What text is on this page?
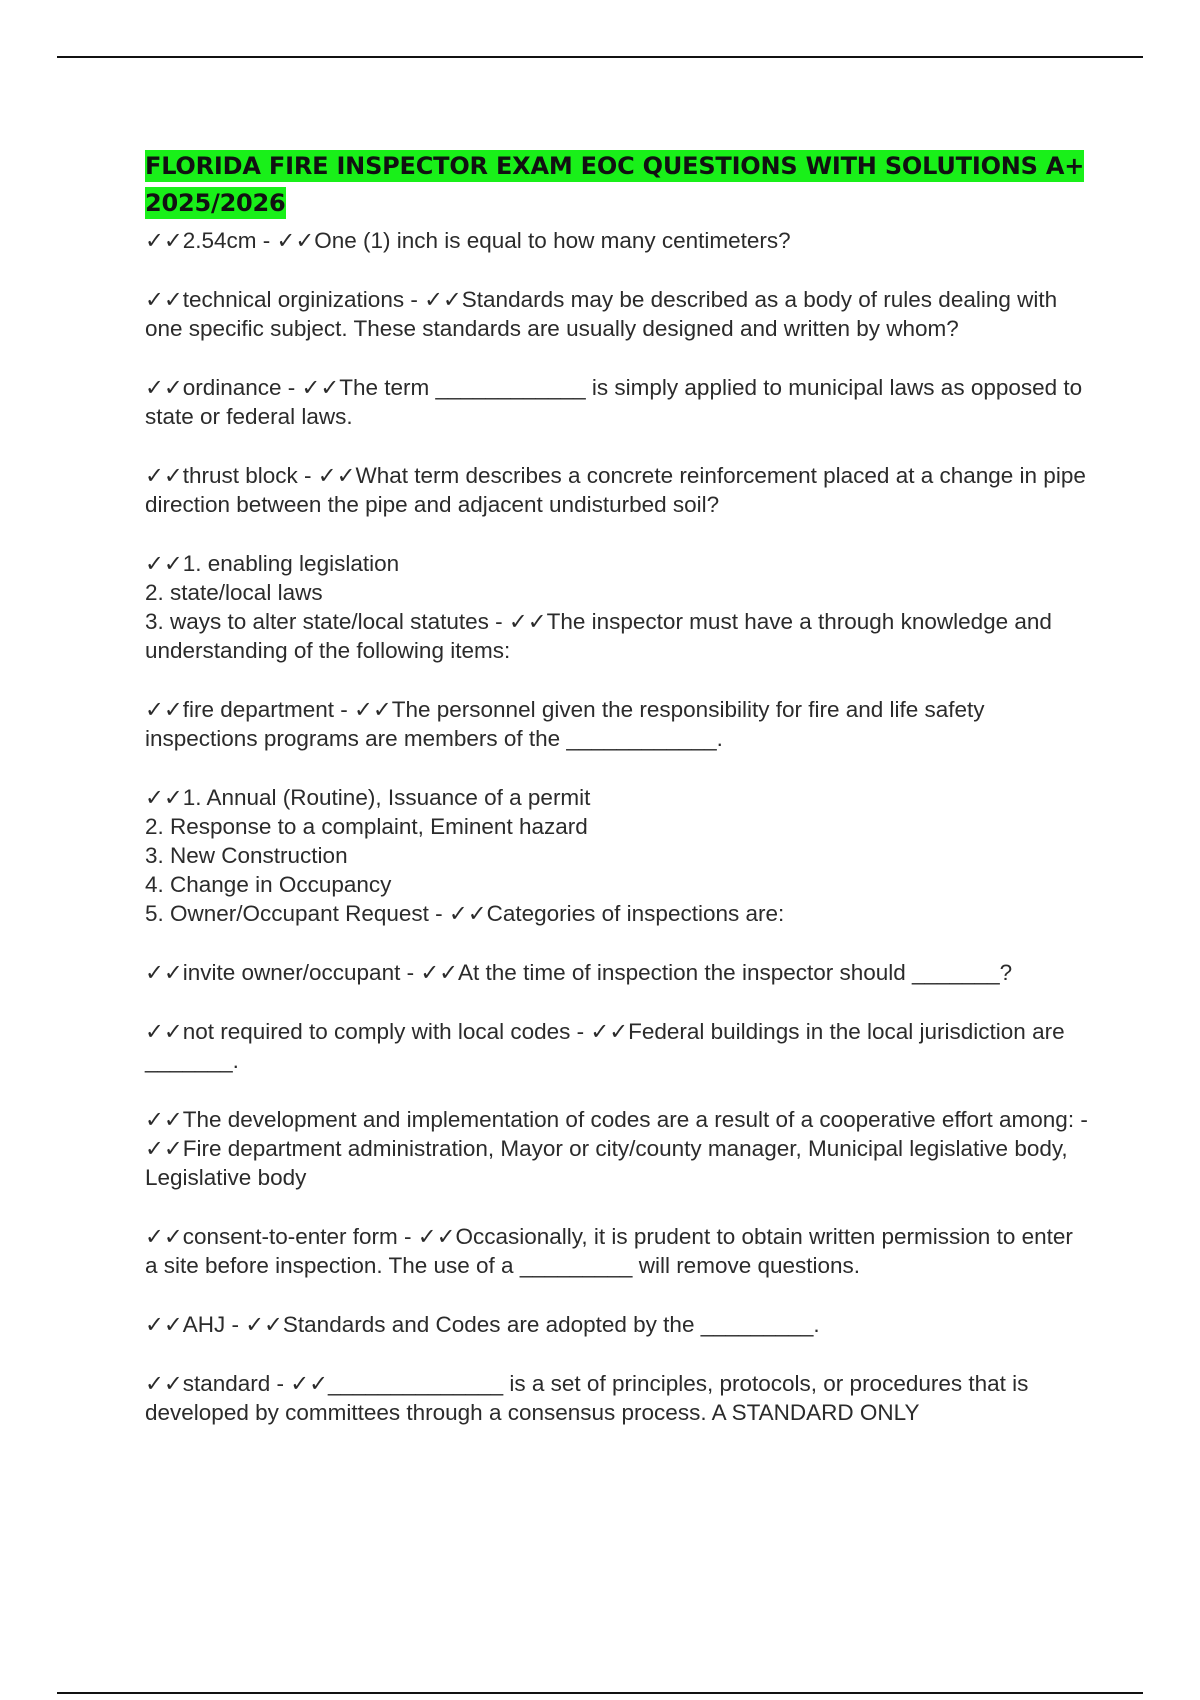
FLORIDA FIRE INSPECTOR EXAM EOC QUESTIONS WITH SOLUTIONS A+ 2025/2026

✓✓2.54cm - ✓✓One (1) inch is equal to how many centimeters?

✓✓technical orginizations - ✓✓Standards may be described as a body of rules dealing with one specific subject. These standards are usually designed and written by whom?

✓✓ordinance - ✓✓The term ____________ is simply applied to municipal laws as opposed to state or federal laws.

✓✓thrust block - ✓✓What term describes a concrete reinforcement placed at a change in pipe direction between the pipe and adjacent undisturbed soil?

✓✓1. enabling legislation
2. state/local laws
3. ways to alter state/local statutes - ✓✓The inspector must have a through knowledge and understanding of the following items:

✓✓fire department - ✓✓The personnel given the responsibility for fire and life safety inspections programs are members of the ____________.

✓✓1. Annual (Routine), Issuance of a permit
2. Response to a complaint, Eminent hazard
3. New Construction
4. Change in Occupancy
5. Owner/Occupant Request - ✓✓Categories of inspections are:

✓✓invite owner/occupant - ✓✓At the time of inspection the inspector should _______?

✓✓not required to comply with local codes - ✓✓Federal buildings in the local jurisdiction are _______.

✓✓The development and implementation of codes are a result of a cooperative effort among: - ✓✓Fire department administration, Mayor or city/county manager, Municipal legislative body, Legislative body

✓✓consent-to-enter form - ✓✓Occasionally, it is prudent to obtain written permission to enter a site before inspection. The use of a _________ will remove questions.

✓✓AHJ - ✓✓Standards and Codes are adopted by the _________.

✓✓standard - ✓✓______________ is a set of principles, protocols, or procedures that is developed by committees through a consensus process. A STANDARD ONLY
